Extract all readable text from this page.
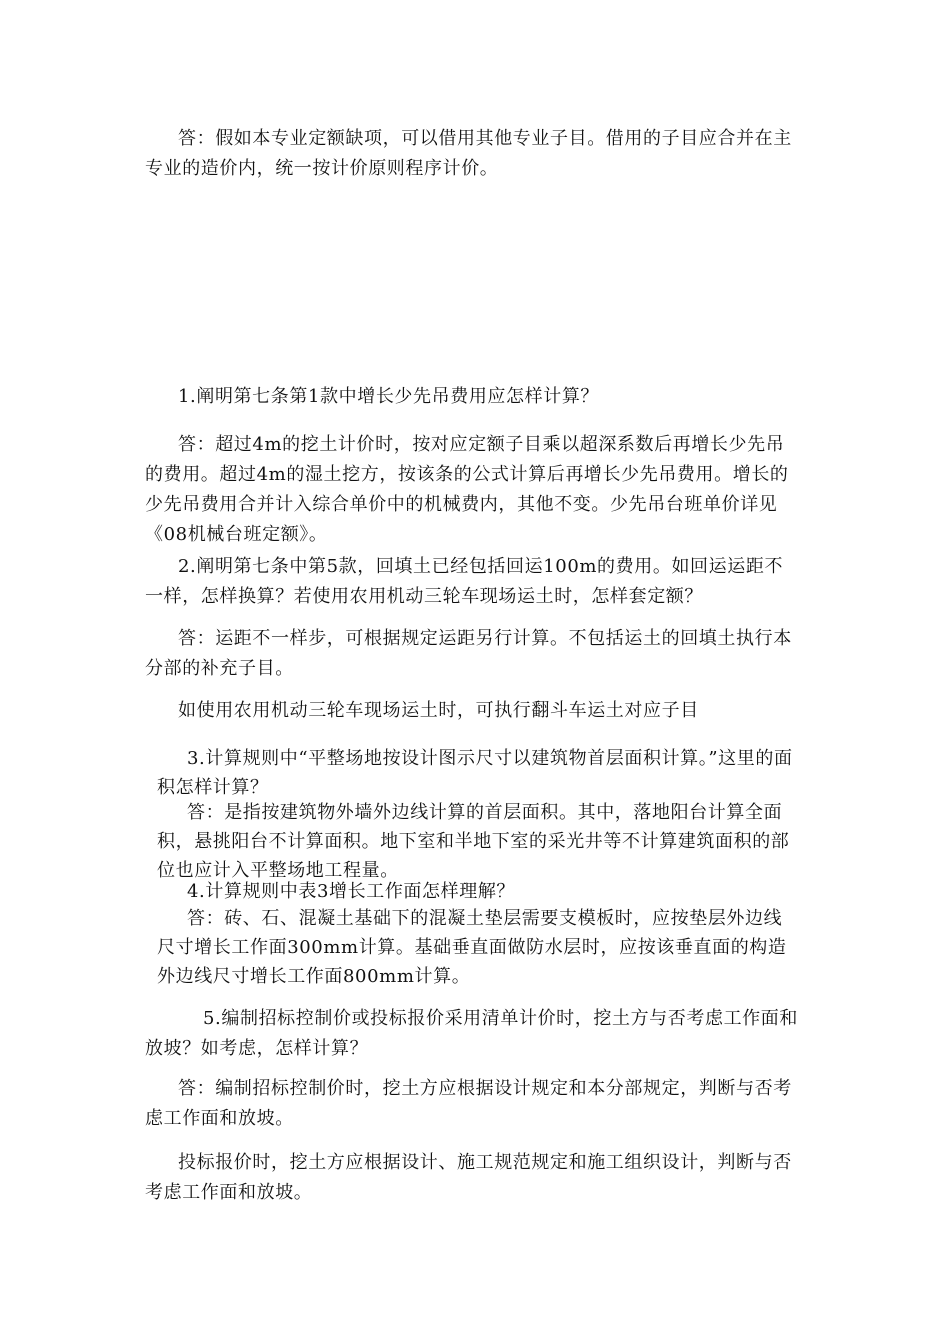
答：假如本专业定额缺项，可以借用其他专业子目。借用的子目应合并在主专业的造价内，统一按计价原则程序计价。

1.阐明第七条第1款中增长少先吊费用应怎样计算？

答：超过4m的挖土计价时，按对应定额子目乘以超深系数后再增长少先吊的费用。超过4m的湿土挖方，按该条的公式计算后再增长少先吊费用。增长的少先吊费用合并计入综合单价中的机械费内，其他不变。少先吊台班单价详见《08机械台班定额》。

2.阐明第七条中第5款，回填土已经包括回运100m的费用。如回运运距不一样，怎样换算？若使用农用机动三轮车现场运土时，怎样套定额？

答：运距不一样步，可根据规定运距另行计算。不包括运土的回填土执行本分部的补充子目。

如使用农用机动三轮车现场运土时，可执行翻斗车运土对应子目

3.计算规则中“平整场地按设计图示尺寸以建筑物首层面积计算。”这里的面积怎样计算？

答：是指按建筑物外墙外边线计算的首层面积。其中，落地阳台计算全面积，悬挑阳台不计算面积。地下室和半地下室的采光井等不计算建筑面积的部位也应计入平整场地工程量。

4.计算规则中表3增长工作面怎样理解？

答：砖、石、混凝土基础下的混凝土垫层需要支模板时，应按垫层外边线尺寸增长工作面300mm计算。基础垂直面做防水层时，应按该垂直面的构造外边线尺寸增长工作面800mm计算。

5.编制招标控制价或投标报价采用清单计价时，挖土方与否考虑工作面和放坡？如考虑，怎样计算？

答：编制招标控制价时，挖土方应根据设计规定和本分部规定，判断与否考虑工作面和放坡。

投标报价时，挖土方应根据设计、施工规范规定和施工组织设计，判断与否考虑工作面和放坡。
